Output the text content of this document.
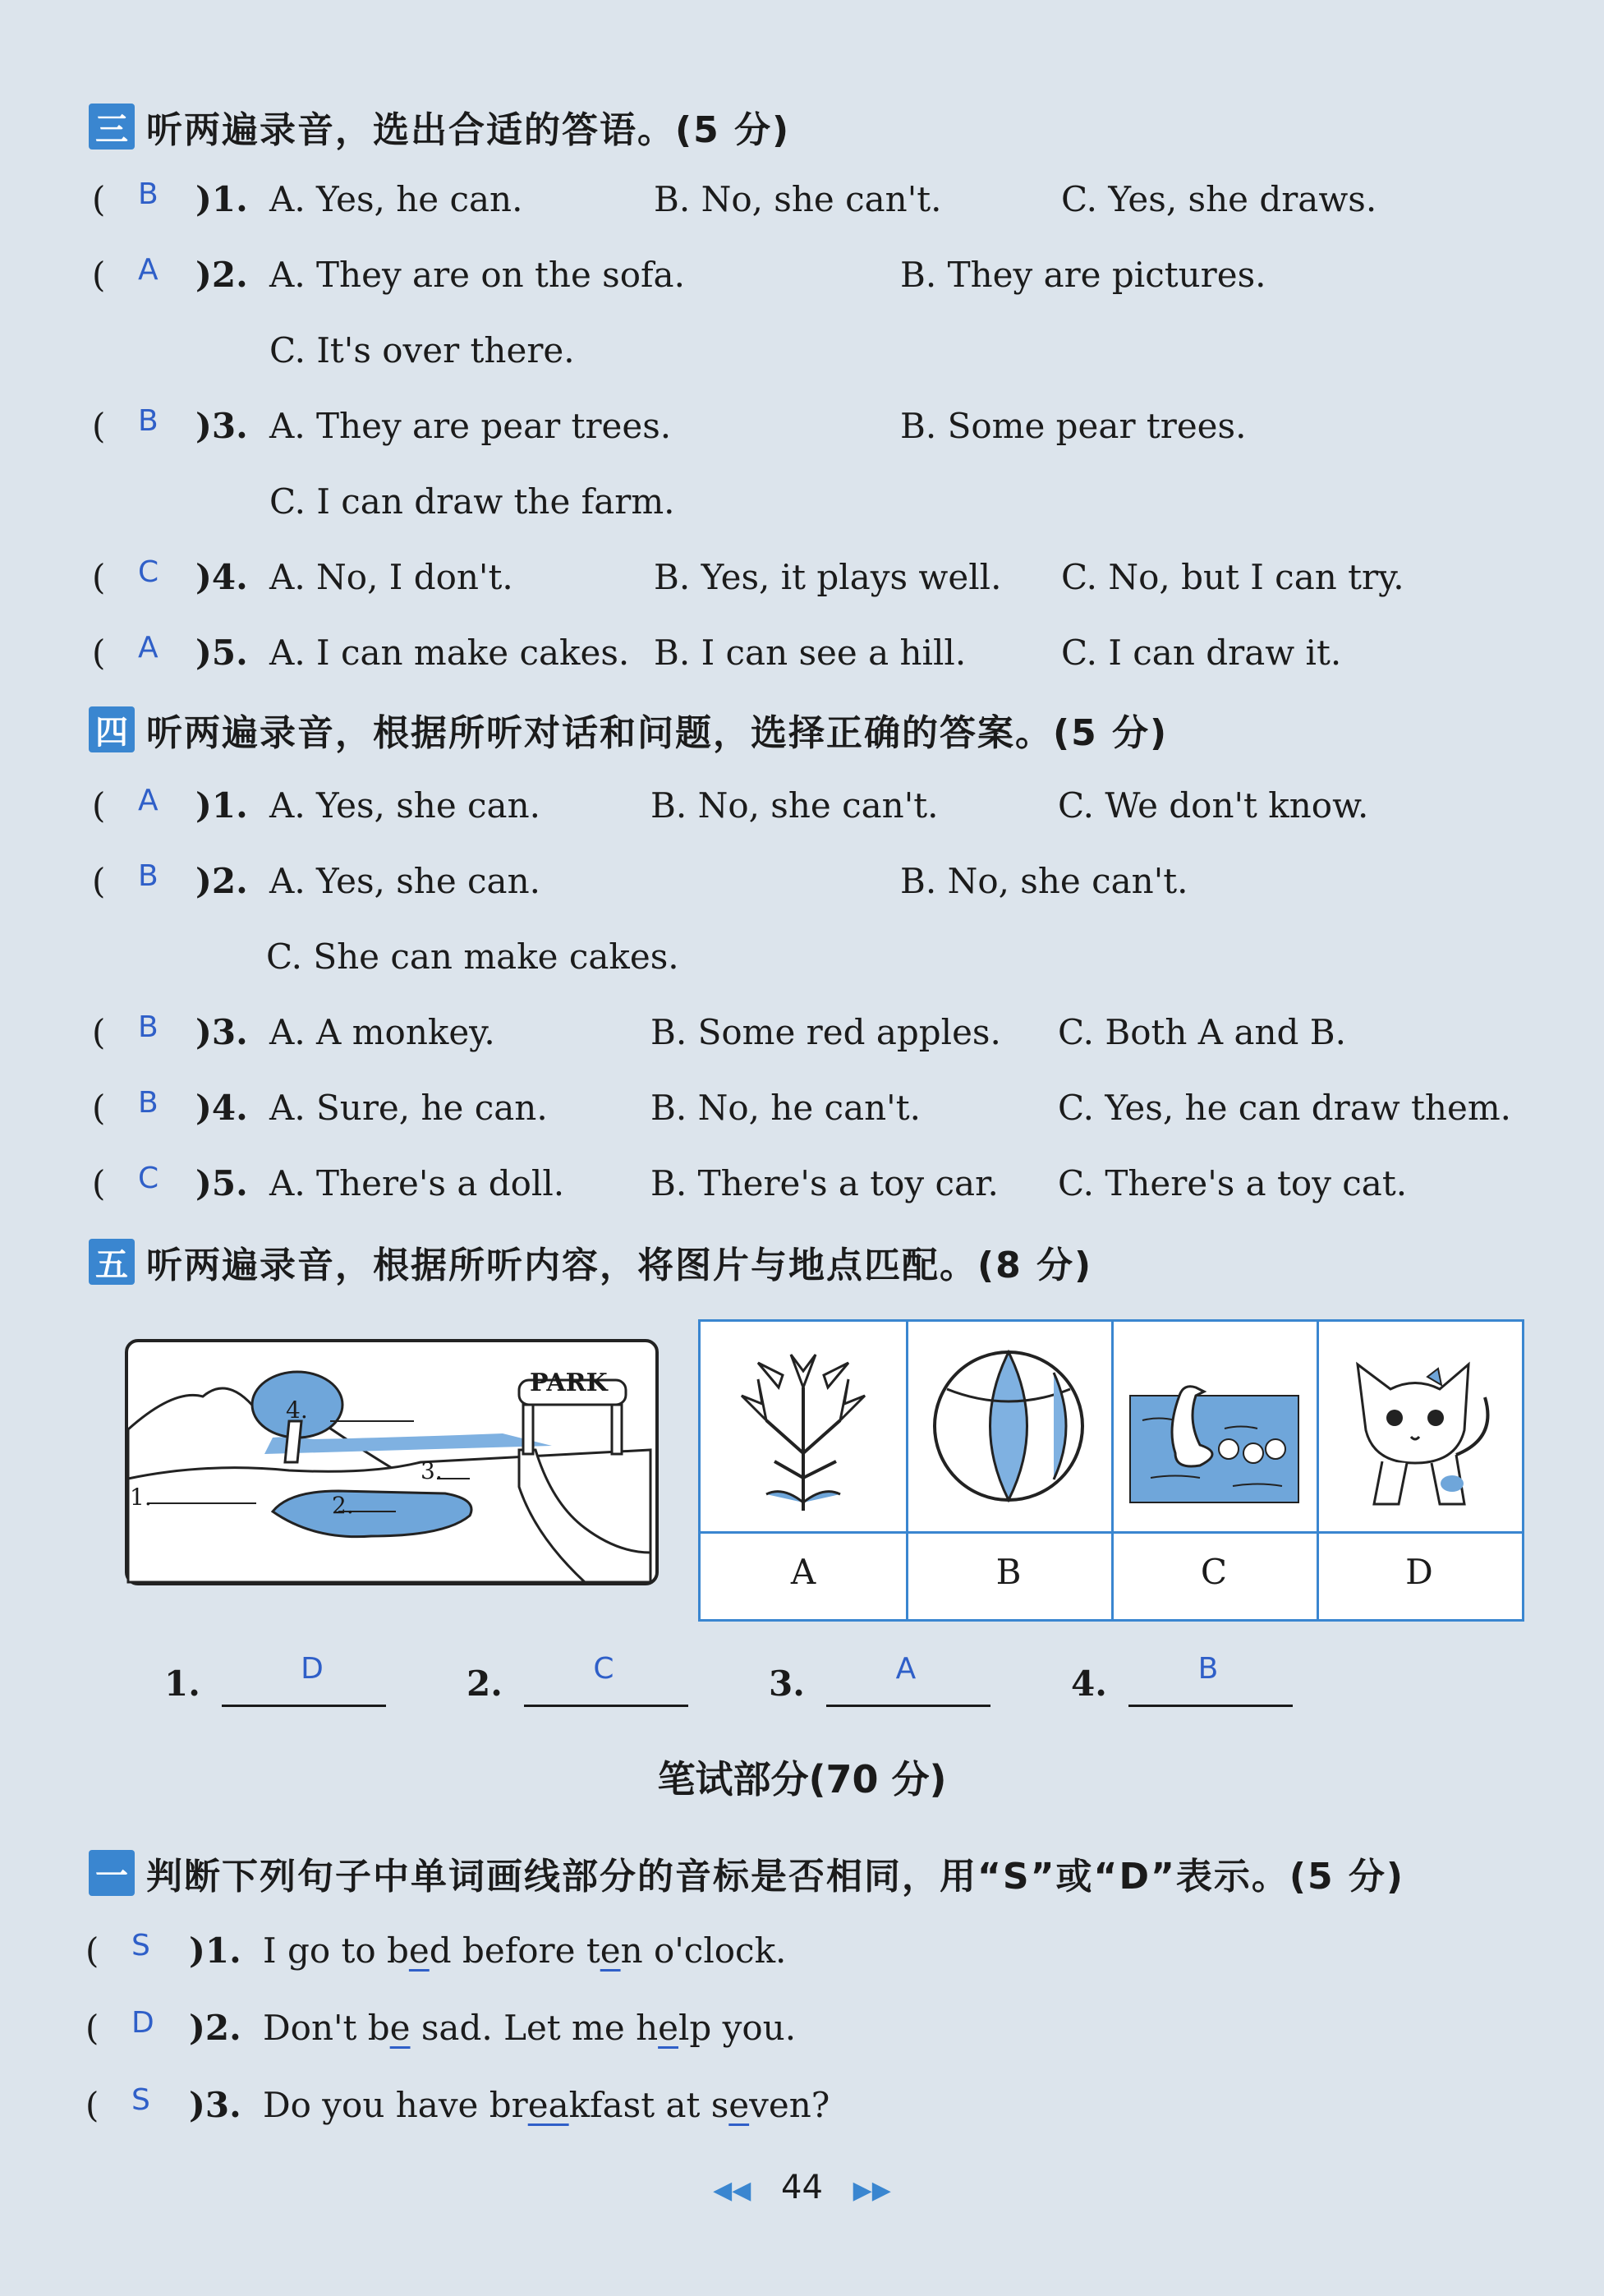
三 听两遍录音，选出合适的答语。(5 分)
( B )1. A. Yes, he can.	B. No, she can't.	C. Yes, she draws.
( A )2. A. They are on the sofa.	B. They are pictures.
C. It's over there.
( B )3. A. They are pear trees.	B. Some pear trees.
C. I can draw the farm.
( C )4. A. No, I don't.	B. Yes, it plays well. C. No, but I can try.
( A )5. A. I can make cakes. B. I can see a hill.	C. I can draw it.
四 听两遍录音，根据所听对话和问题，选择正确的答案。(5 分)
( A )1. A. Yes, she can.	B. No, she can't.	C. We don't know.
( B )2. A. Yes, she can.	B. No, she can't.
C. She can make cakes.
( B )3. A. A monkey.	B. Some red apples. C. Both A and B.
( B )4. A. Sure, he can.	B. No, he can't.	C. Yes, he can draw them.
( C )5. A. There's a doll. B. There's a toy car. C. There's a toy cat.
五 听两遍录音，根据所听内容，将图片与地点匹配。(8 分)
PARK
1.	2.
3.
4.
A	B	C	D
1.	D	2.	C	3.	A	4.	B
笔试部分(70 分)
一 判断下列句子中单词画线部分的音标是否相同，用“S”或“D”表示。(5 分)
( S )1. I go to bed before ten o'clock.
( D )2. Don't be sad. Let me help you.
( S )3. Do you have breakfast at seven?
◀◀ 44 ▶▶
